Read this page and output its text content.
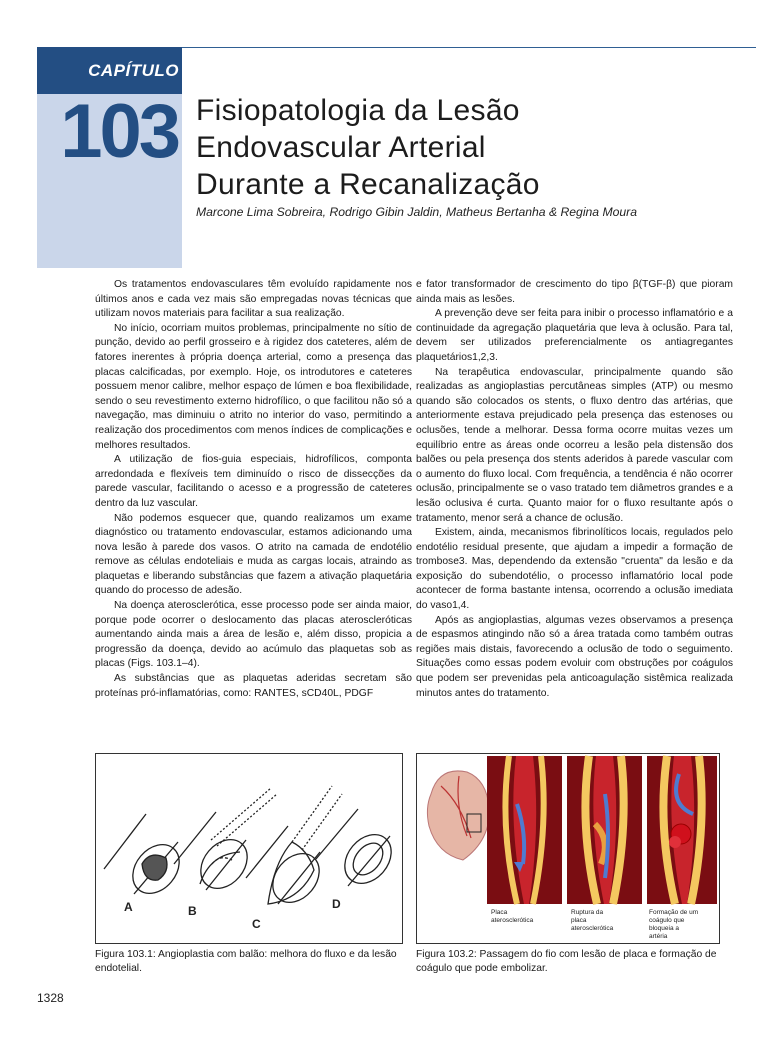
CAPÍTULO
103 Fisiopatologia da Lesão
Endovascular Arterial
Durante a Recanalização
Marcone Lima Sobreira, Rodrigo Gibin Jaldin, Matheus Bertanha & Regina Moura

Os tratamentos endovasculares têm evoluído rapidamente nos últimos anos e cada vez mais são empregadas novas técnicas que utilizam novos materiais para facilitar a sua realização.

No início, ocorriam muitos problemas, principalmente no sítio de punção, devido ao perfil grosseiro e à rigidez dos cateteres, além de fatores inerentes à própria doença arterial, como a presença das placas calcificadas, por exemplo. Hoje, os introdutores e cateteres possuem menor calibre, melhor espaço de lúmen e boa flexibilidade, sendo o seu revestimento externo hidrofílico, o que facilitou não só a navegação, mas diminuiu o atrito no interior do vaso, permitindo a realização dos procedimentos com menos índices de complicações e melhores resultados.

A utilização de fios-guia especiais, hidrofílicos, componta arredondada e flexíveis tem diminuído o risco de dissecções da parede vascular, facilitando o acesso e a progressão de cateteres dentro da luz vascular.

Não podemos esquecer que, quando realizamos um exame diagnóstico ou tratamento endovascular, estamos adicionando uma nova lesão à parede dos vasos. O atrito na camada de endotélio remove as células endoteliais e muda as cargas locais, atraindo as plaquetas e liberando substâncias que fazem a ativação plaquetária quando do processo de adesão.

Na doença aterosclerótica, esse processo pode ser ainda maior, porque pode ocorrer o deslocamento das placas ateroscleróticas aumentando ainda mais a área de lesão e, além disso, propicia a progressão da doença, devido ao acúmulo das plaquetas sob as placas (Figs. 103.1–4).

As substâncias que as plaquetas aderidas secretam são proteínas pró-inflamatórias, como: RANTES, sCD40L, PDGF

e fator transformador de crescimento do tipo β(TGF-β) que pioram ainda mais as lesões.

A prevenção deve ser feita para inibir o processo inflamatório e a continuidade da agregação plaquetária que leva à oclusão. Para tal, devem ser utilizados preferencialmente os antiagregantes plaquetários1,2,3.

Na terapêutica endovascular, principalmente quando são realizadas as angioplastias percutâneas simples (ATP) ou mesmo quando são colocados os stents, o fluxo dentro das artérias, que anteriormente estava prejudicado pela presença das estenoses ou oclusões, tende a melhorar. Dessa forma ocorre muitas vezes um equilíbrio entre as áreas onde ocorreu a lesão pela distensão dos balões ou pela presença dos stents aderidos à parede vascular com o aumento do fluxo local. Com frequência, a tendência é não ocorrer oclusão, principalmente se o vaso tratado tem diâmetros grandes e a lesão oclusiva é curta. Quanto maior for o fluxo resultante após o tratamento, menor será a chance de oclusão.

Existem, ainda, mecanismos fibrinolíticos locais, regulados pelo endotélio residual presente, que ajudam a impedir a formação de trombose3. Mas, dependendo da extensão "cruenta" da lesão e da exposição do subendotélio, o processo inflamatório local pode acontecer de forma bastante intensa, ocorrendo a oclusão imediata do vaso1,4.

Após as angioplastias, algumas vezes observamos a presença de espasmos atingindo não só a área tratada como também outras regiões mais distais, favorecendo a oclusão de todo o seguimento. Situações como essas podem evoluir com obstruções por coágulos que podem ser prevenidas pela anticoagulação sistêmica realizada minutos antes do tratamento.

A	B
C
D
Placa aterosclerótica
Ruptura da placa aterosclerótica
Formação de um coágulo que bloqueia a artéria
Figura 103.1: Angioplastia com balão: melhora do fluxo e da lesão endotelial.
Figura 103.2: Passagem do fio com lesão de placa e formação de coágulo que pode embolizar.
1328
